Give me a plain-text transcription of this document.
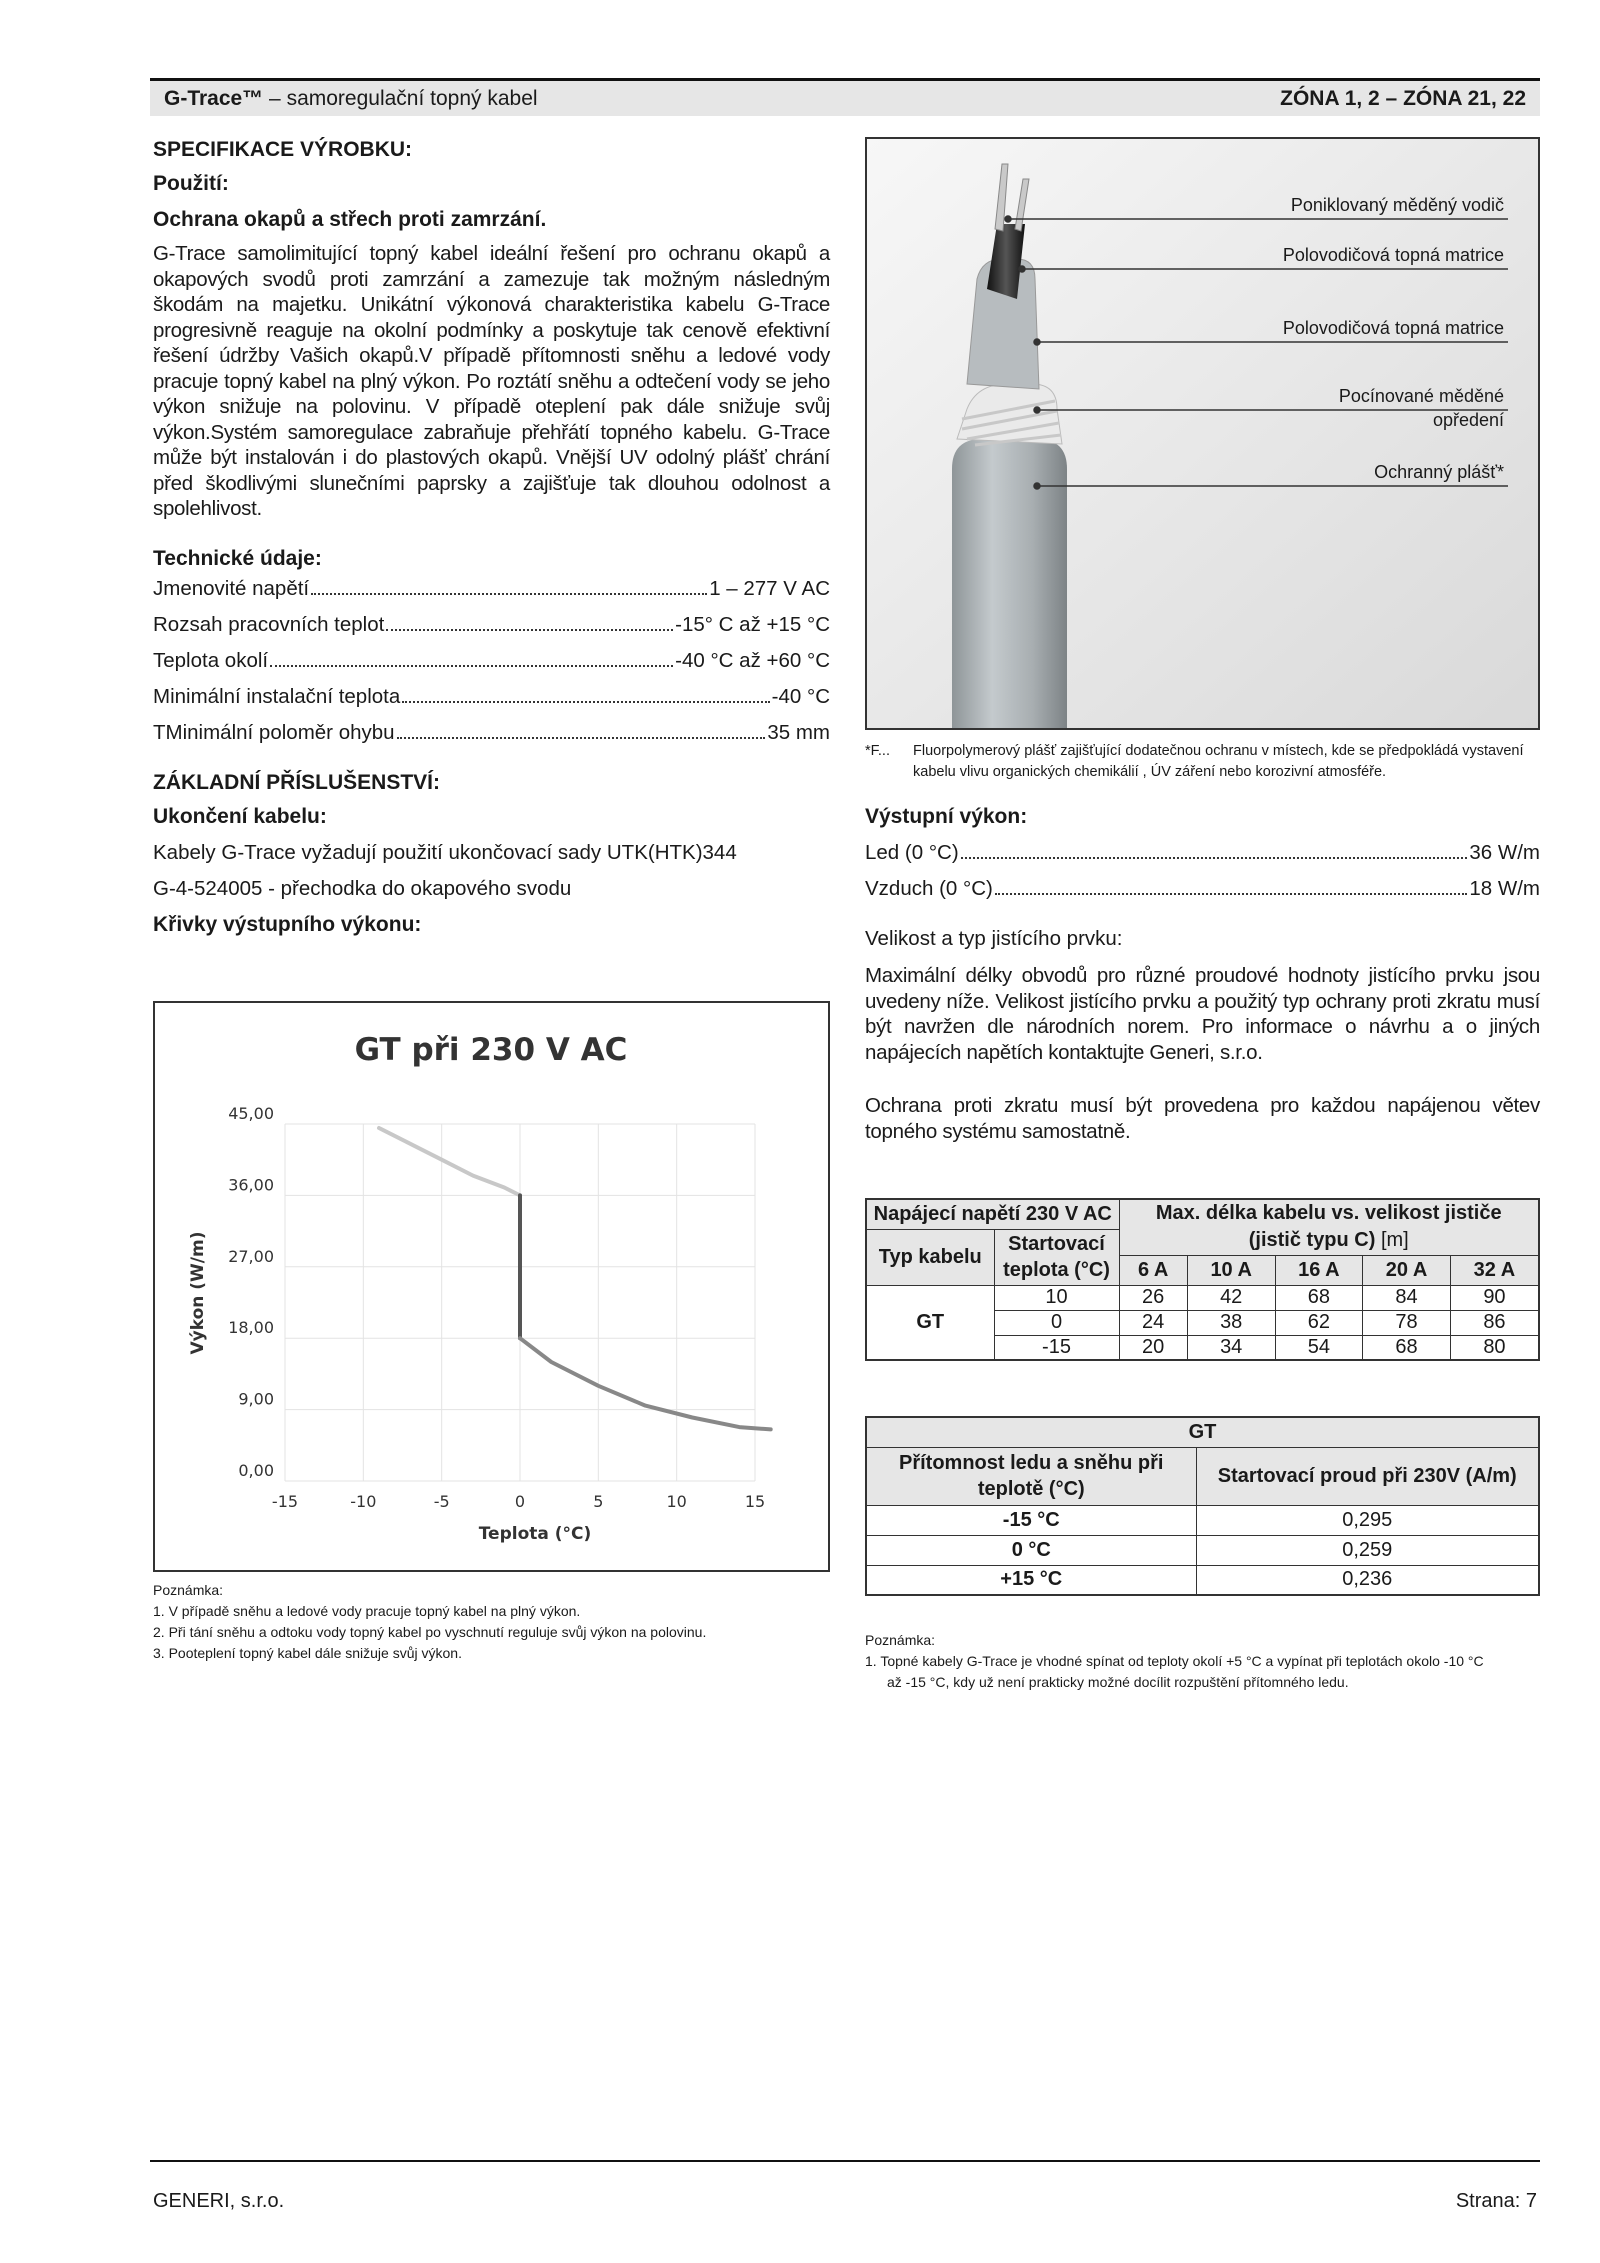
G-Trace™ – samoregulační topný kabel	ZÓNA 1, 2 – ZÓNA 21, 22
SPECIFIKACE VÝROBKU:
Použití:
Ochrana okapů a střech proti zamrzání.
G-Trace samolimitující topný kabel ideální řešení pro ochranu okapů a okapových svodů proti zamrzání a zamezuje tak možným následným škodám na majetku. Unikátní výkonová charakteristika kabelu G-Trace progresivně reaguje na okolní podmínky a poskytuje tak cenově efektivní řešení údržby Vašich okapů.V případě přítomnosti sněhu a ledové vody pracuje topný kabel na plný výkon. Po roztátí sněhu a odtečení vody se jeho výkon snižuje na polovinu. V případě oteplení pak dále snižuje svůj výkon.Systém samoregulace zabraňuje přehřátí topného kabelu. G-Trace může být instalován i do plastových okapů. Vnější UV odolný plášť chrání před škodlivými slunečními paprsky a zajišťuje tak dlouhou odolnost a spolehlivost.
Technické údaje:
Jmenovité napětí	1 – 277 V AC
Rozsah pracovních teplot	-15° C až +15 °C
Teplota okolí	-40 °C až +60 °C
Minimální instalační teplota	-40 °C
TMinimální poloměr ohybu	35 mm
ZÁKLADNÍ PŘÍSLUŠENSTVÍ:
Ukončení kabelu:
Kabely G-Trace vyžadují použití ukončovací sady UTK(HTK)344
G-4-524005 - přechodka do okapového svodu
Křivky výstupního výkonu:
GT při 230 V AC
0,00
9,00
18,00
27,00
36,00
45,00
-15	-10	-5	0	5	10	15
Výkon (W/m)
Teplota (°C)
Poznámka:
1. V případě sněhu a ledové vody pracuje topný kabel na plný výkon.
2. Při tání sněhu a odtoku vody topný kabel po vyschnutí reguluje svůj výkon na polovinu.
3. Pooteplení topný kabel dále snižuje svůj výkon.
Poniklovaný měděný vodič
Polovodičová topná matrice
Polovodičová topná matrice
Pocínované měděné opředení
Ochranný plášť*
*F... Fluorpolymerový plášť zajišťující dodatečnou ochranu v místech, kde se předpokládá vystavení kabelu vlivu organických chemikálií , ÚV záření nebo korozivní atmosféře.
Výstupní výkon:
Led (0 °C)	36 W/m
Vzduch (0 °C)	18 W/m
Velikost a typ jistícího prvku:
Maximální délky obvodů pro různé proudové hodnoty jistícího prvku jsou uvedeny níže. Velikost jistícího prvku a použitý typ ochrany proti zkratu musí být navržen dle národních norem. Pro informace o návrhu a o jiných napájecích napětích kontaktujte Generi, s.r.o.
Ochrana proti zkratu musí být provedena pro každou napájenou větev topného systému samostatně.
Napájecí napětí 230 V AC		Max. délka kabelu vs. velikost jističe
(jistič typu C) [m]				
Typ kabelu	Startovací teplota (°C)					
		6 A	10 A	16 A	20 A	32 A
GT	10	26	42	68	84	90
	0	24	38	62	78	86
	-15	20	34	54	68	80
GT	
Přítomnost ledu a sněhu při teplotě (°C)	Startovací proud při 230V (A/m)
-15 °C	0,295
0 °C	0,259
+15 °C	0,236
Poznámka:
1. Topné kabely G-Trace je vhodné spínat od teploty okolí +5 °C a vypínat při teplotách okolo -10 °C
až -15 °C, kdy už není prakticky možné docílit rozpuštění přítomného ledu.
GENERI, s.r.o.	Strana: 7
